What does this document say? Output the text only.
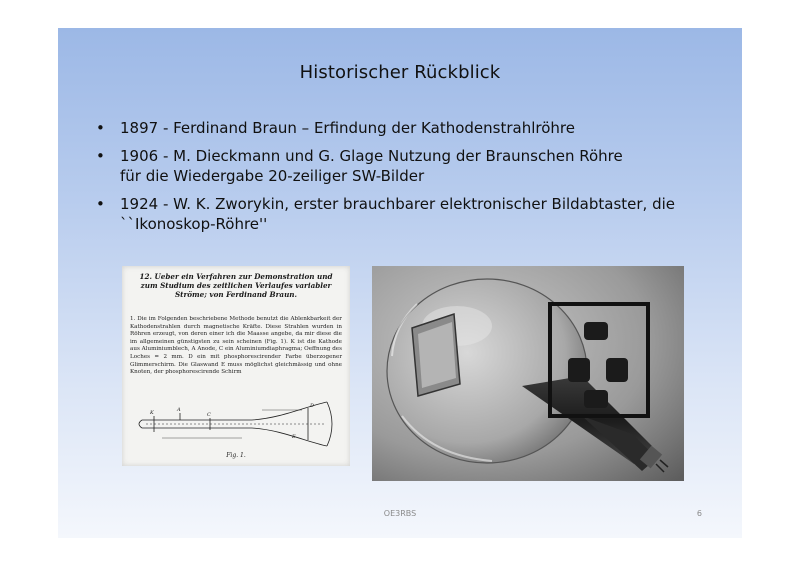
Historischer Rückblick
•	1897 - Ferdinand Braun – Erfindung der Kathodenstrahlröhre
•	1906 - M. Dieckmann und G. Glage Nutzung der Braunschen Röhre
für die Wiedergabe 20-zeiliger SW-Bilder
•	1924 - W. K. Zworykin, erster brauchbarer elektronischer Bildabtaster, die
``Ikonoskop-Röhre''
12. Ueber ein Verfahren zur Demonstration und zum Studium des zeitlichen Verlaufes variabler Ströme; von Ferdinand Braun.
1. Die im Folgenden beschriebene Methode benutzt die Ablenkbarkeit der Kathodenstrahlen durch magnetische Kräfte. Diese Strahlen wurden in Röhren erzeugt, von deren einer ich die Maasse angebe, da mir diese die im allgemeinen günstigsten zu sein scheinen (Fig. 1). K ist die Kathode aus Aluminiumblech, A Anode, C ein Aluminiumdiaphragma; Oeffnung des Loches = 2 mm. D ein mit phosphorescirender Farbe überzogener Glimmerschirm. Die Glaswand E muss möglichst gleichmässig und ohne Knoten, der phosphorescirende Schirm
K	A
C
D
E
Fig. 1.
OE3RBS	6
